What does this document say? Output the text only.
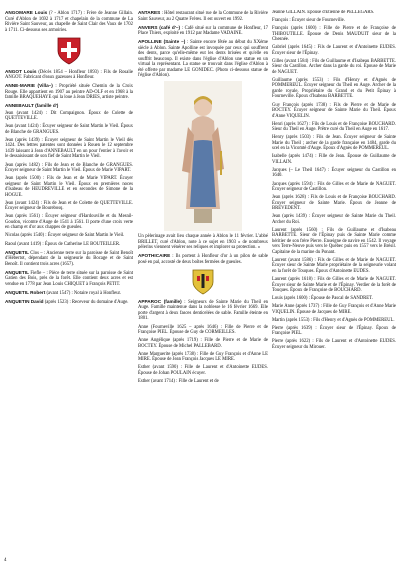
ANGOMARE Louis (? - Ablon 1717) : Frère de Jeanne Gillain. Curé d'Ablon de 1692 à 1717 et chapelain de la commune de La Rivière Saint Sauveur, au chapelle de Saint Clair des Vaux de 1702 à 1711. Ci-dessous ses armoiries.

ANGOT Louis (Décès 1854 – Honfleur 1893) : Fils de Rosalie ANGOT. Fabricant d'eaux gazeuses à Honfleur.

ANNE-MARIE (Villa–) : Propriété située Chemin de la Croix Rouge. Elle appartient en 1907 au peintre AD-OLF et en 1968 à la famille BRAQUEHAYE qui la loue à Jean DRIES, artiste peintre.

ANNEBAULT (famille d')

Jean (avant 1424) : Dit Compaignon. Époux de Colette de QUETTEVILLE.

Jean (avant 1424) : Écuyer seigneur de Saint Martin le Vieil. Époux de Blanche de GRANGUES.

Jean (après 1439) : Écuyer seigneur de Saint Martin le Vieil dès 1424. Des lettres patentes sont données à Rouen le 12 septembre 1439 laissant à Jean d'ANNEBAULT en un pour l'entier à l'avoir et le dessaisissant de son fief de Saint Martin le Vieil.

Jean (après 1482) : Fils de Jean et de Blanche de GRANGUES. Écuyer seigneur de Saint Martin le Vieil. Époux de Marie VIPART.

Jean (après 1500) : Fils de Jean et de Marie VIPART. Écuyer seigneur de Saint Martin le Vieil. Époux en premières noces d'Isabeau de HEUDREVILLE et en secondes de Simone de la HOGUE.

Jean (avant 1424) : Fils de Jean et de Colette de QUETTEVILLE. Écuyer seigneur de Bourebosq.

Jean (après 1561) : Écuyer seigneur d'Hardouville et du Mesnil-Goudon, vicomte d'Auge de 1541 à 1561. Il porte d'une croix verte en champ et d'or aux chappes de gueules.

Nicolas (après 1540) : Écuyer seigneur de Saint Martin le Vieil.

Raoul (avant 1419) : Époux de Catherine LE BOUTEILLER.

ANQUETIL Clos – : Ancienne terre sur la paroisse de Saint Benoît d'Hébertot, dépendant de la seigneurie du Bocage et de Saint Benoît. Il contient trois acres (1657).

ANQUETIL Fiefle – : Pièce de terre située sur la paroisse de Saint Gatien des Bois, près de la forêt. Elle contient deux acres et est vendue en 1778 par Jean Louis CHIQUET à François PETIT.

ANQUETIL Robert (avant 1547) : Notaire royal à Honfleur.

ANQUETIN David (après 1523) : Receveur du domaine d'Auge.

ANTARES : Hôtel restaurant situé rue de la Commune de la Rivière Saint Sauveur, au 2 Quatre Frères. Il est ouvert en 1992.

ANVERS (café d'–) : Café situé sur la commune de Honfleur, 17 Place Thiers, exploité en 1912 par Madame VADAINE.

APOLLINE (Sainte –) : Sainte encore fêtée au début du XXème siècle à Ablon. Sainte Apolline est invoquée par ceux qui souffrent des dents, parce qu'elle-même eut les dents brisées et qu'elle en souffrit beaucoup. Il existe dans l'église d'Ablon une statue en un virtual la représentant. La statue se trouvait dans l'église d'Ablon à été offerte par madame LE GONIDEC. (Photo ci-dessous statue de l'église d'Ablon).

Un pèlerinage avait lieu chaque année à Ablon le 11 février. L'abbé BRILLET, curé d'Ablon, note à ce sujet en 1903 « de nombreux pèlerins viennent vénérer ses reliques et implorer sa protection. »

APOTHICAIRE : Ils portent à Honfleur d'or à un pilon de sable posé en pal, accosté de deux boîtes fermées de gueules.

APPAROC (famille) : Seigneurs de Sainte Marie du Theil en Auge. Famille maintenue dans la noblesse le 16 février 1669. Elle porte d'argent à deux fasces denticelées de sable. Famille éteinte en 1801.

Anne (Fourneville 1625 – après 1646) : Fille de Pierre et de Françoise PIEL. Épouse de Guy de CORMEILLES.

Anne Angélique (après 1719) : Fille de Pierre et de Marie de BOCTEY. Épouse de Michel PALLEBARD.

Anne Marguerite (après 1738) : Fille de Guy François et d'Anne LE MIRE. Épouse de Jean François Jacques LE MIRE.

Esther (avant 1590) : Fille de Laurent et d'Antoinette EUDES. Épouse de Johan POULAIN écuyer.

Esther (avant 1714) : Fille de Laurent et de

Jeanne GILLAIN. Épouse d'Étienne de PELLEGARS.

François : Écuyer sieur de Fourneville.

François (après 1600) : Fille de Pierre et de Françoise de THIBOUTILLE. Épouse de Denis MAUDUIT sieur de la Chesnée.

Gabriel (après 1645) : Fils de Laurent et d'Antoinette EUDES. Écuyer sieur de l'Épinay.

Gilles (avant 1584) : Fils de Guillaume et d'Isabeau BARBETTE. Sieur du Castillon. Archer dans la garde du roi. Épouse de Marie de NAGUET.

Guillaume (après 1553) : Fils d'Henry et d'Agnès de POMMEREUL. Écuyer seigneur du Theil en Auge. Archer de la garde royale. Propriétaire du Grand et du Petit Épinay à Fourneville. Époux d'Isabeau BARBETTE.

Guy François (après 1738) : Fils de Pierre et de Marie de BOCTEY. Écuyer seigneur de Sainte Marie du Theil. Époux d'Anne VIQUELIN.

Henri (après 1627) : Fils de Louis et de Françoise BOUCHARD. Sieur du Theil en Auge. Prêtre curé du Theil en Auge en 1617.

Henry (après 1503) : Fils de Jean. Écuyer seigneur de Sainte Marie du Theil ; archer de la garde française en 1484, garde du scel en la Vicomté d'Auge. Époux d'Agnès de POMMEREUL.

Isabelle (après 1474) : Fille de Jean. Épouse de Guillaume de VILLAIN.

Jacques (– Le Theil 1647) : Écuyer seigneur du Castillon en 1640.

Jacques (après 1594) : Fils de Gilles et de Marie de NAGUET. Écuyer seigneur de Castillon.

Jean (après 1628) : Fils de Louis et de Françoise BOUCHARD. Écuyer seigneur de Sainte Marie. Époux de Jeanne de BREVEDENT.

Jean (après 1439) : Écuyer seigneur de Sainte Marie du Theil. Archer du Roi.

Laurent (après 1560) : Fils de Guillaume et d'Isabeau BARBETTE. Sieur de l'Épinay puis de Sainte Marie comme héritier de son frère Pierre. Enseigne de navire en 1542. Il voyage vers Terre-Neuve puis vers le Québec puis en 1557 vers le Brésil. Capitaine de la marine du Ponant.

Laurent (avant 1586) : Fils de Gilles et de Marie de NAGUET. Écuyer sieur de Sainte Marie propriétaire de la seigneurie volant en la forêt de Touques. Époux d'Antoinette EUDES.

Laurent (après 1618) : Fils de Gilles et de Marie de NAGUET. Écuyer sieur de Sainte Marie et de l'Épinay. Verdier de la forêt de Touques. Époux de Françoise de BOUCHARD.

Louis (après 1600) : Épouse de Pascal de SANDRET.

Marie Anne (après 1737) : Fille de Guy François et d'Anne Marie VIQUELIN. Épouse de Jacques de MIRE.

Martin (après 1553) : Fils d'Henry et d'Agnès de POMMEREUL.

Pierre (après 1639) : Écuyer sieur de l'Épinay. Époux de Françoise PIEL.

Pierre (après 1622) : Fils de Laurent et d'Antoinette EUDES. Écuyer seigneur du Mirouer.

4
